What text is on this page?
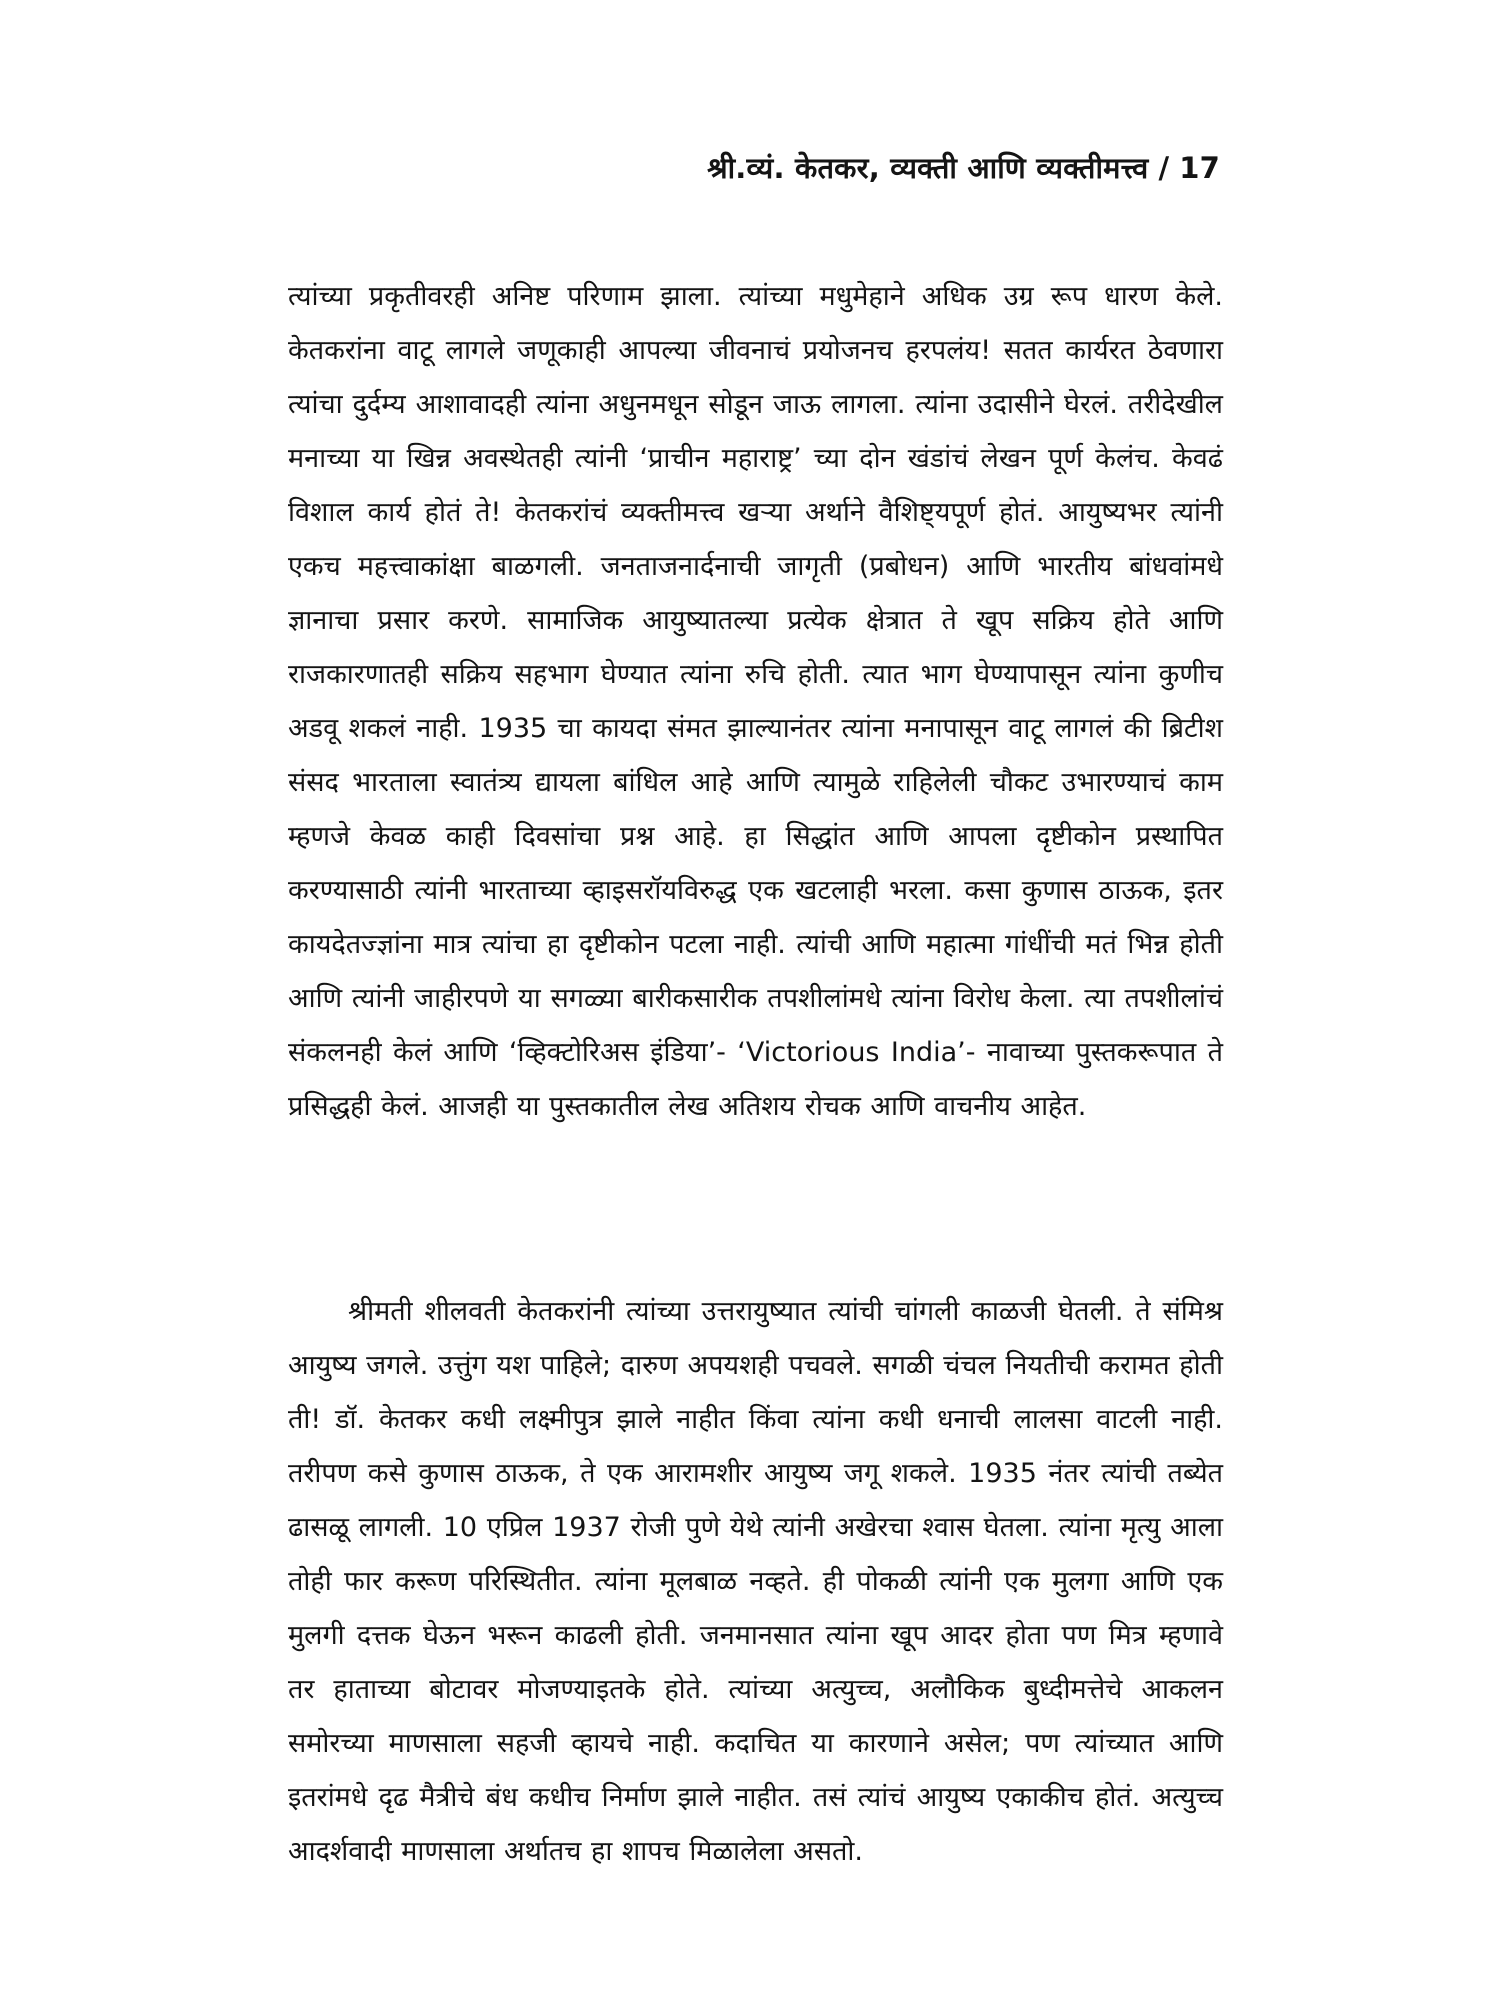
श्री.व्यं. केतकर, व्यक्ती आणि व्यक्तीमत्त्व / 17

त्यांच्या प्रकृतीवरही अनिष्ट परिणाम झाला. त्यांच्या मधुमेहाने अधिक उग्र रूप धारण केले. केतकरांना वाटू लागले जणूकाही आपल्या जीवनाचं प्रयोजनच हरपलंय! सतत कार्यरत ठेवणारा त्यांचा दुर्दम्य आशावादही त्यांना अधुनमधून सोडून जाऊ लागला. त्यांना उदासीने घेरलं. तरीदेखील मनाच्या या खिन्न अवस्थेतही त्यांनी ‘प्राचीन महाराष्ट्र’ च्या दोन खंडांचं लेखन पूर्ण केलंच. केवढं विशाल कार्य होतं ते! केतकरांचं व्यक्तीमत्त्व खऱ्या अर्थाने वैशिष्ट्यपूर्ण होतं. आयुष्यभर त्यांनी एकच महत्त्वाकांक्षा बाळगली. जनताजनार्दनाची जागृती (प्रबोधन) आणि भारतीय बांधवांमधे ज्ञानाचा प्रसार करणे. सामाजिक आयुष्यातल्या प्रत्येक क्षेत्रात ते खूप सक्रिय होते आणि राजकारणातही सक्रिय सहभाग घेण्यात त्यांना रुचि होती. त्यात भाग घेण्यापासून त्यांना कुणीच अडवू शकलं नाही. 1935 चा कायदा संमत झाल्यानंतर त्यांना मनापासून वाटू लागलं की ब्रिटीश संसद भारताला स्वातंत्र्य द्यायला बांधिल आहे आणि त्यामुळे राहिलेली चौकट उभारण्याचं काम म्हणजे केवळ काही दिवसांचा प्रश्न आहे. हा सिद्धांत आणि आपला दृष्टीकोन प्रस्थापित करण्यासाठी त्यांनी भारताच्या व्हाइसरॉयविरुद्ध एक खटलाही भरला. कसा कुणास ठाऊक, इतर कायदेतज्ज्ञांना मात्र त्यांचा हा दृष्टीकोन पटला नाही. त्यांची आणि महात्मा गांधींची मतं भिन्न होती आणि त्यांनी जाहीरपणे या सगळ्या बारीकसारीक तपशीलांमधे त्यांना विरोध केला. त्या तपशीलांचं संकलनही केलं आणि ‘व्हिक्टोरिअस इंडिया’- ‘Victorious India’- नावाच्या पुस्तकरूपात ते प्रसिद्धही केलं. आजही या पुस्तकातील लेख अतिशय रोचक आणि वाचनीय आहेत.

श्रीमती शीलवती केतकरांनी त्यांच्या उत्तरायुष्यात त्यांची चांगली काळजी घेतली. ते संमिश्र आयुष्य जगले. उत्तुंग यश पाहिले; दारुण अपयशही पचवले. सगळी चंचल नियतीची करामत होती ती! डॉ. केतकर कधी लक्ष्मीपुत्र झाले नाहीत किंवा त्यांना कधी धनाची लालसा वाटली नाही. तरीपण कसे कुणास ठाऊक, ते एक आरामशीर आयुष्य जगू शकले. 1935 नंतर त्यांची तब्येत ढासळू लागली. 10 एप्रिल 1937 रोजी पुणे येथे त्यांनी अखेरचा श्वास घेतला. त्यांना मृत्यु आला तोही फार करूण परिस्थितीत. त्यांना मूलबाळ नव्हते. ही पोकळी त्यांनी एक मुलगा आणि एक मुलगी दत्तक घेऊन भरून काढली होती. जनमानसात त्यांना खूप आदर होता पण मित्र म्हणावे तर हाताच्या बोटावर मोजण्याइतके होते. त्यांच्या अत्युच्च, अलौकिक बुध्दीमत्तेचे आकलन समोरच्या माणसाला सहजी व्हायचे नाही. कदाचित या कारणाने असेल; पण त्यांच्यात आणि इतरांमधे दृढ मैत्रीचे बंध कधीच निर्माण झाले नाहीत. तसं त्यांचं आयुष्य एकाकीच होतं. अत्युच्च आदर्शवादी माणसाला अर्थातच हा शापच मिळालेला असतो.
